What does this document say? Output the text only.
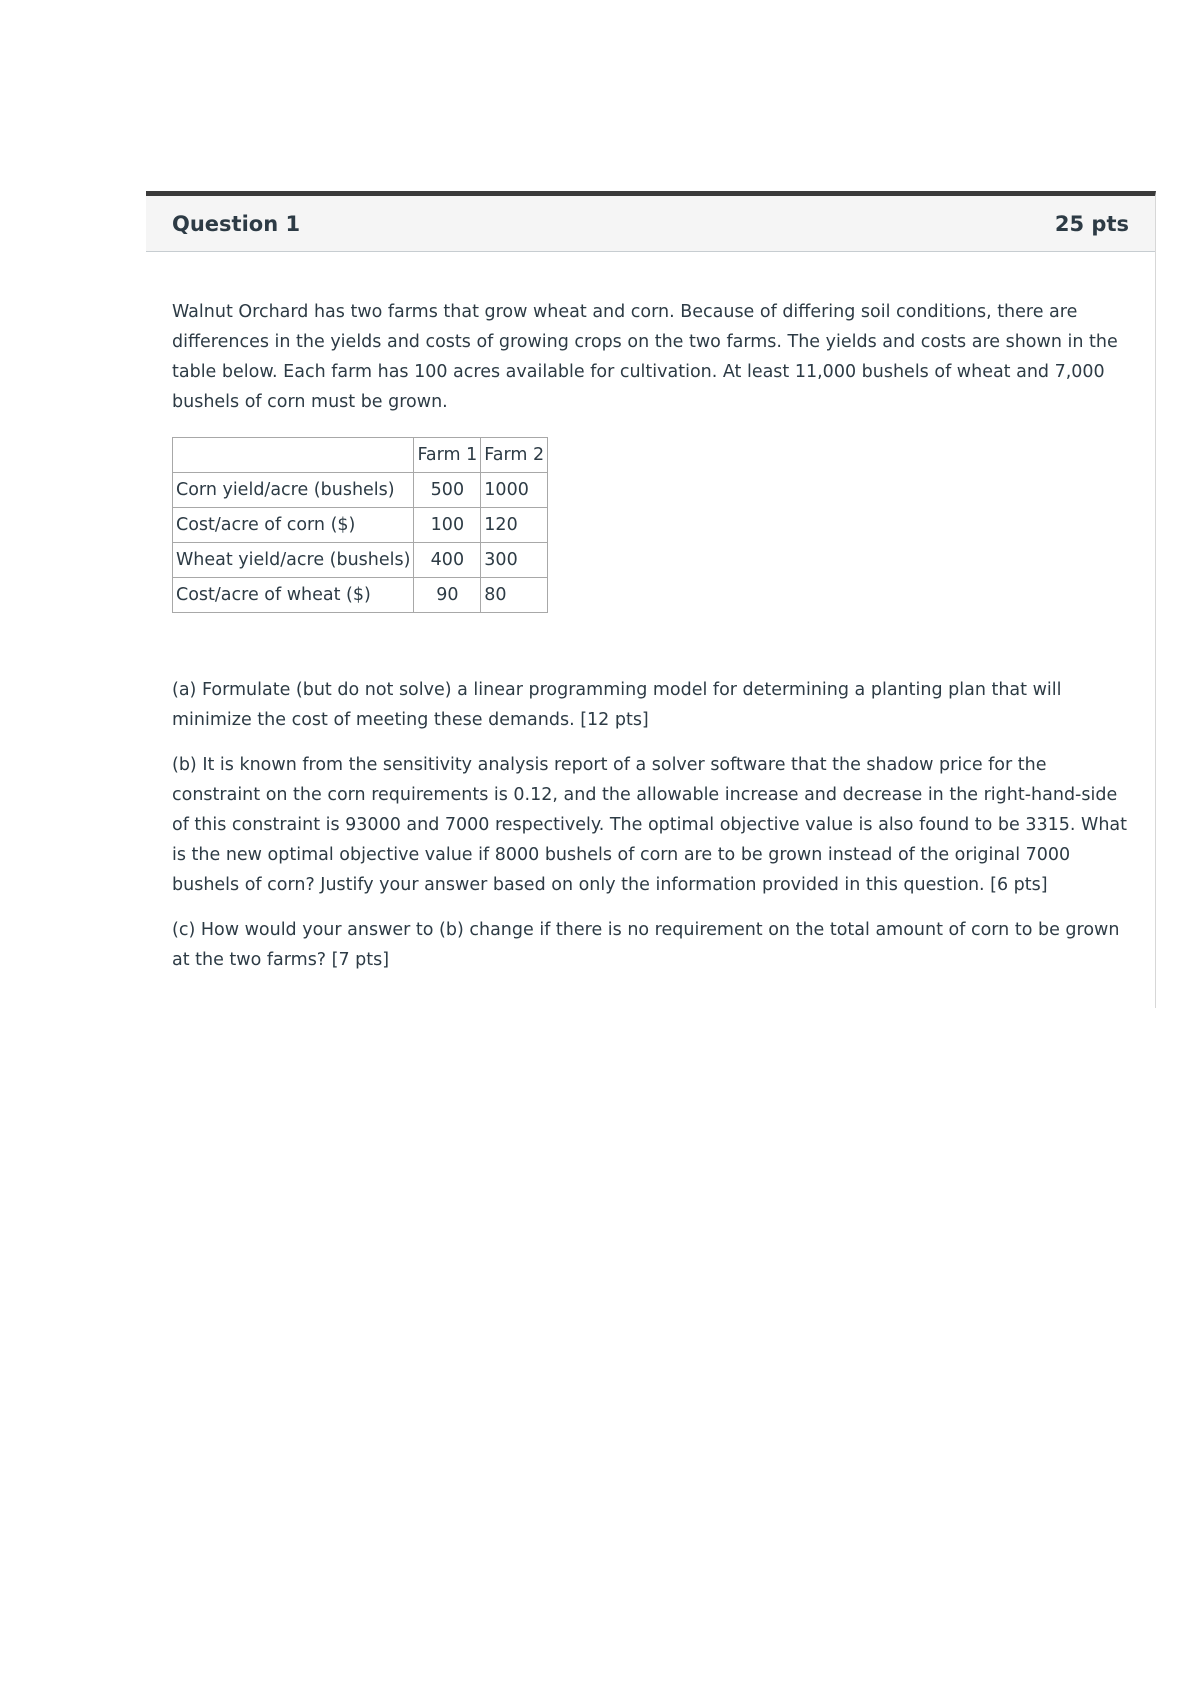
Question 1	25 pts

Walnut Orchard has two farms that grow wheat and corn. Because of differing soil conditions, there are differences in the yields and costs of growing crops on the two farms. The yields and costs are shown in the table below. Each farm has 100 acres available for cultivation. At least 11,000 bushels of wheat and 7,000 bushels of corn must be grown.

	Farm 1	Farm 2
Corn yield/acre (bushels)	500	1000
Cost/acre of corn ($)	100	120
Wheat yield/acre (bushels)	400	300
Cost/acre of wheat ($)	90	80

(a) Formulate (but do not solve) a linear programming model for determining a planting plan that will minimize the cost of meeting these demands. [12 pts]

(b) It is known from the sensitivity analysis report of a solver software that the shadow price for the constraint on the corn requirements is 0.12, and the allowable increase and decrease in the right-hand-side of this constraint is 93000 and 7000 respectively. The optimal objective value is also found to be 3315. What is the new optimal objective value if 8000 bushels of corn are to be grown instead of the original 7000 bushels of corn? Justify your answer based on only the information provided in this question. [6 pts]

(c) How would your answer to (b) change if there is no requirement on the total amount of corn to be grown at the two farms? [7 pts]
